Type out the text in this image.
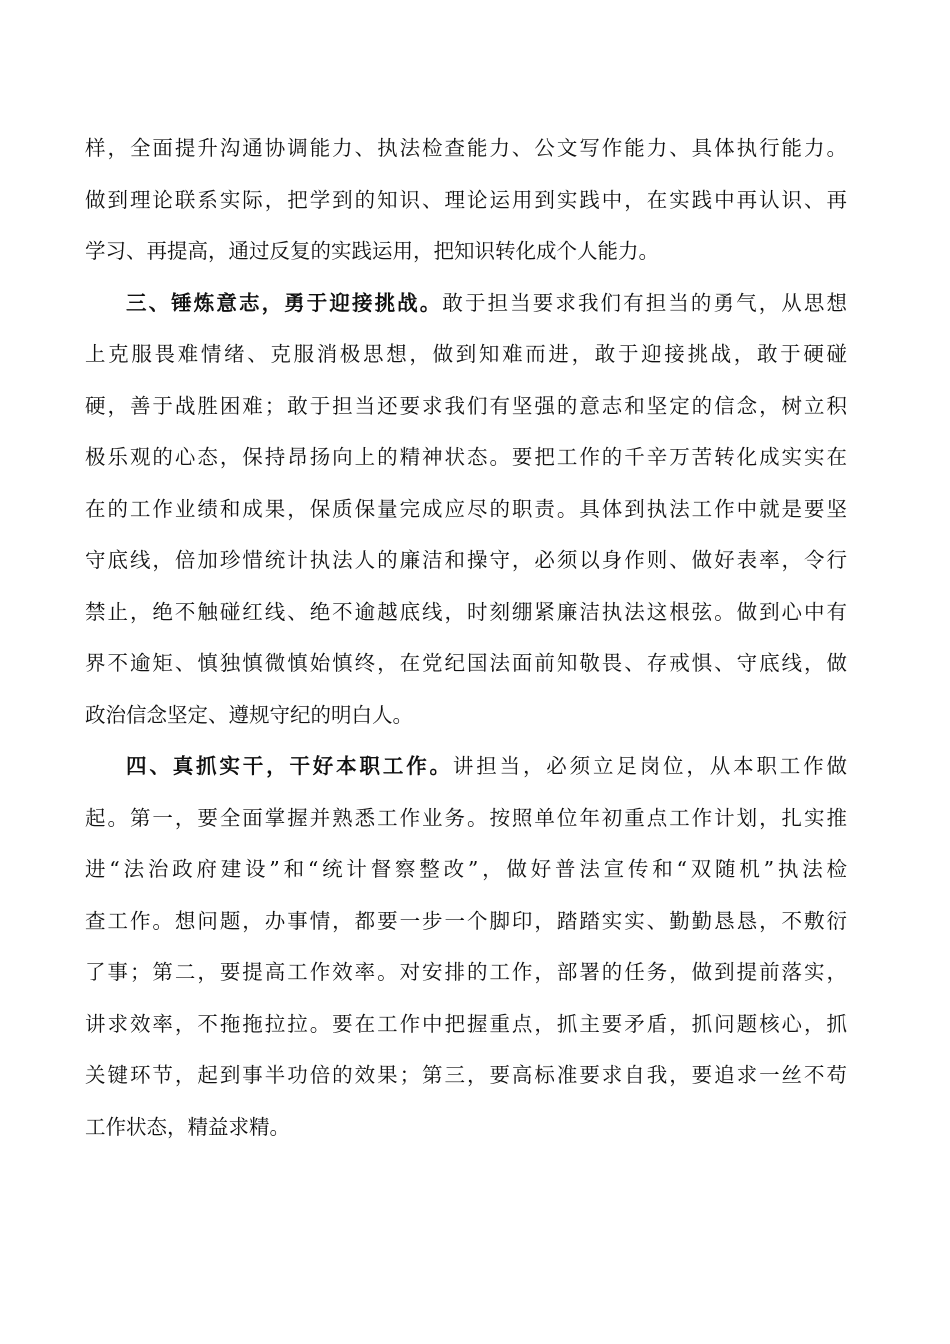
样，全面提升沟通协调能力、执法检查能力、公文写作能力、具体执行能力。
做到理论联系实际，把学到的知识、理论运用到实践中，在实践中再认识、再
学习、再提高，通过反复的实践运用，把知识转化成个人能力。
三、锤炼意志，勇于迎接挑战。敢于担当要求我们有担当的勇气，从思想
上克服畏难情绪、克服消极思想，做到知难而进，敢于迎接挑战，敢于硬碰
硬，善于战胜困难；敢于担当还要求我们有坚强的意志和坚定的信念，树立积
极乐观的心态，保持昂扬向上的精神状态。要把工作的千辛万苦转化成实实在
在的工作业绩和成果，保质保量完成应尽的职责。具体到执法工作中就是要坚
守底线，倍加珍惜统计执法人的廉洁和操守，必须以身作则、做好表率，令行
禁止，绝不触碰红线、绝不逾越底线，时刻绷紧廉洁执法这根弦。做到心中有
界不逾矩、慎独慎微慎始慎终，在党纪国法面前知敬畏、存戒惧、守底线，做
政治信念坚定、遵规守纪的明白人。
四、真抓实干，干好本职工作。讲担当，必须立足岗位，从本职工作做
起。第一，要全面掌握并熟悉工作业务。按照单位年初重点工作计划，扎实推
进“法治政府建设”和“统计督察整改”，做好普法宣传和“双随机”执法检
查工作。想问题，办事情，都要一步一个脚印，踏踏实实、勤勤恳恳，不敷衍
了事；第二，要提高工作效率。对安排的工作，部署的任务，做到提前落实，
讲求效率，不拖拖拉拉。要在工作中把握重点，抓主要矛盾，抓问题核心，抓
关键环节，起到事半功倍的效果；第三，要高标准要求自我，要追求一丝不苟
工作状态，精益求精。
